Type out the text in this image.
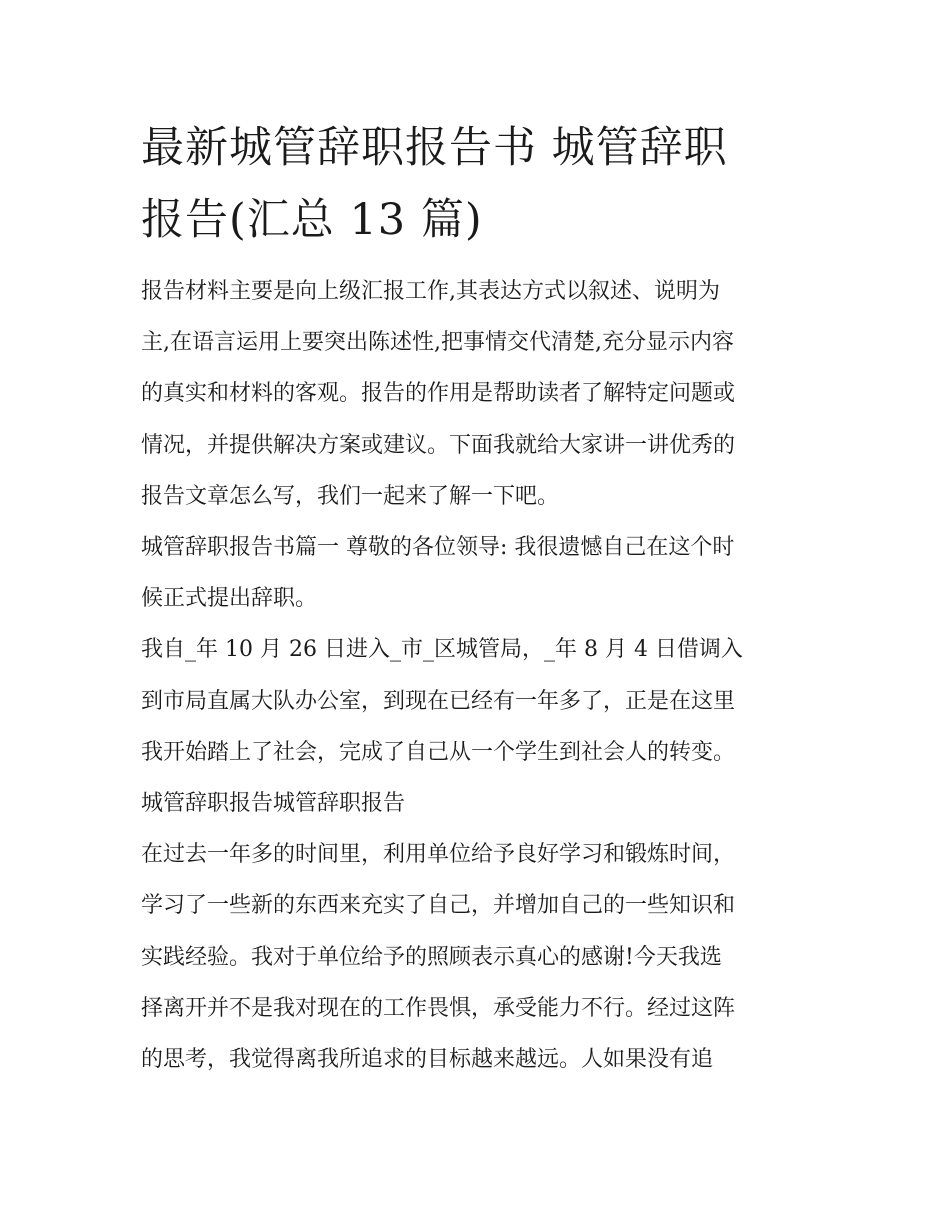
最新城管辞职报告书 城管辞职
报告(汇总 13 篇)

报告材料主要是向上级汇报工作,其表达方式以叙述、说明为

主,在语言运用上要突出陈述性,把事情交代清楚,充分显示内容

的真实和材料的客观。报告的作用是帮助读者了解特定问题或

情况，并提供解决方案或建议。下面我就给大家讲一讲优秀的

报告文章怎么写，我们一起来了解一下吧。

城管辞职报告书篇一 尊敬的各位领导: 我很遗憾自己在这个时

候正式提出辞职。

我自_年 10 月 26 日进入_市_区城管局，_年 8 月 4 日借调入

到市局直属大队办公室，到现在已经有一年多了，正是在这里

我开始踏上了社会，完成了自己从一个学生到社会人的转变。

城管辞职报告城管辞职报告

在过去一年多的时间里，利用单位给予良好学习和锻炼时间，

学习了一些新的东西来充实了自己，并增加自己的一些知识和

实践经验。我对于单位给予的照顾表示真心的感谢!今天我选

择离开并不是我对现在的工作畏惧，承受能力不行。经过这阵

的思考，我觉得离我所追求的目标越来越远。人如果没有追
